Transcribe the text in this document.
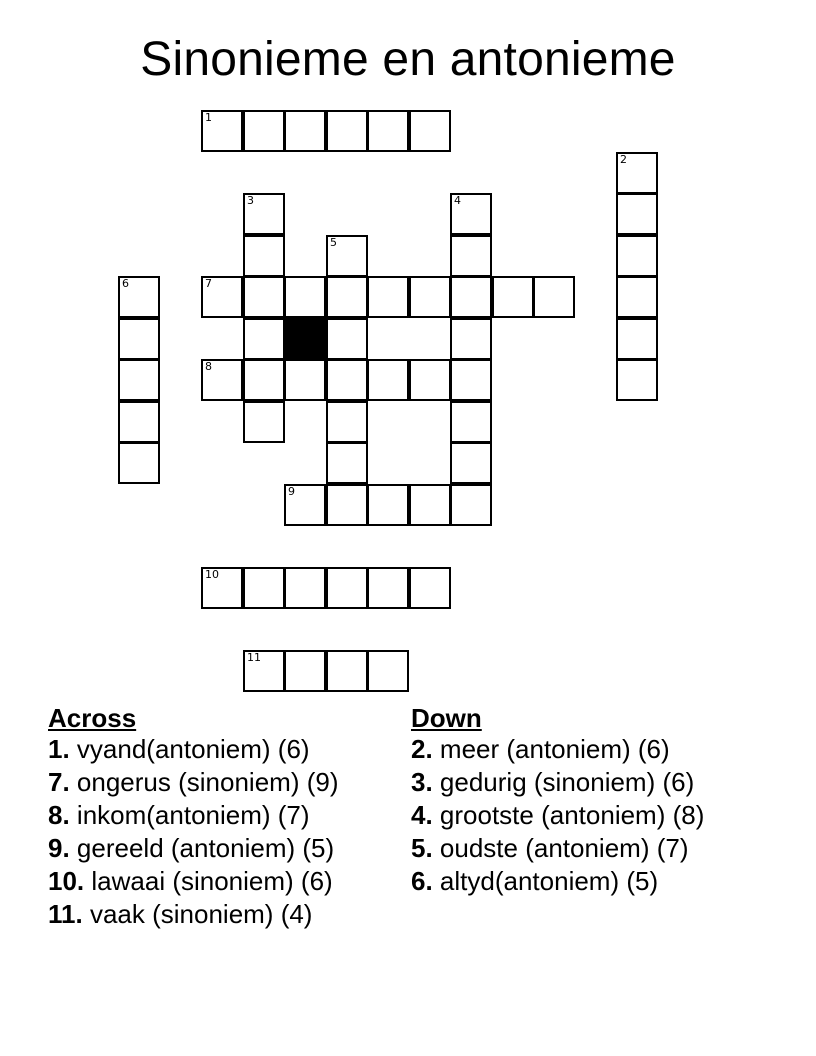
Sinonieme en antonieme
1
2
3	4
5
6	7
8
9
10
11
Across
1. vyand(antoniem) (6)
7. ongerus (sinoniem) (9)
8. inkom(antoniem) (7)
9. gereeld (antoniem) (5)
10. lawaai (sinoniem) (6)
11. vaak (sinoniem) (4)
Down
2. meer (antoniem) (6)
3. gedurig (sinoniem) (6)
4. grootste (antoniem) (8)
5. oudste (antoniem) (7)
6. altyd(antoniem) (5)
